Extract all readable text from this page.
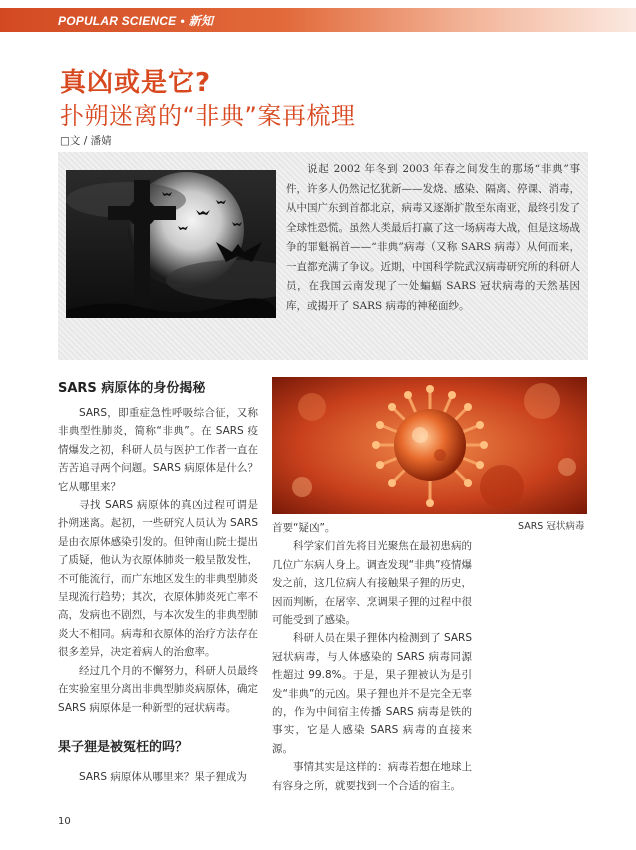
POPULAR SCIENCE • 新知
真凶或是它?
扑朔迷离的“非典”案再梳理
□文 / 潘婧
说起 2002 年冬到 2003 年春之间发生的那场“非典”事件，许多人仍然记忆犹新——发烧、感染、隔离、停课、消毒，从中国广东到首都北京，病毒又逐渐扩散至东南亚，最终引发了全球性恐慌。虽然人类最后打赢了这一场病毒大战，但是这场战争的罪魁祸首——“非典”病毒（又称 SARS 病毒）从何而来，一直都充满了争议。近期，中国科学院武汉病毒研究所的科研人员，在我国云南发现了一处蝙蝠 SARS 冠状病毒的天然基因库，或揭开了 SARS 病毒的神秘面纱。
SARS 病原体的身份揭秘

SARS，即重症急性呼吸综合征，又称非典型性肺炎，简称“非典”。在 SARS 疫情爆发之初，科研人员与医护工作者一直在苦苦追寻两个问题。SARS 病原体是什么？它从哪里来？

寻找 SARS 病原体的真凶过程可谓是扑朔迷离。起初，一些研究人员认为 SARS 是由衣原体感染引发的。但钟南山院士提出了质疑，他认为衣原体肺炎一般呈散发性，不可能流行，而广东地区发生的非典型肺炎呈现流行趋势；其次，衣原体肺炎死亡率不高，发病也不剧烈，与本次发生的非典型肺炎大不相同。病毒和衣原体的治疗方法存在很多差异，决定着病人的治愈率。

经过几个月的不懈努力，科研人员最终在实验室里分离出非典型肺炎病原体，确定 SARS 病原体是一种新型的冠状病毒。

果子狸是被冤枉的吗？

SARS 病原体从哪里来？果子狸成为

SARS 冠状病毒

首要“疑凶”。

科学家们首先将目光聚焦在最初患病的几位广东病人身上。调查发现“非典”疫情爆发之前，这几位病人有接触果子狸的历史，因而判断，在屠宰、烹调果子狸的过程中很可能受到了感染。

科研人员在果子狸体内检测到了 SARS 冠状病毒，与人体感染的 SARS 病毒同源性超过 99.8%。于是，果子狸被认为是引发“非典”的元凶。果子狸也并不是完全无辜的，作为中间宿主传播 SARS 病毒是铁的事实，它是人感染 SARS 病毒的直接来源。

事情其实是这样的：病毒若想在地球上有容身之所，就要找到一个合适的宿主。

10
